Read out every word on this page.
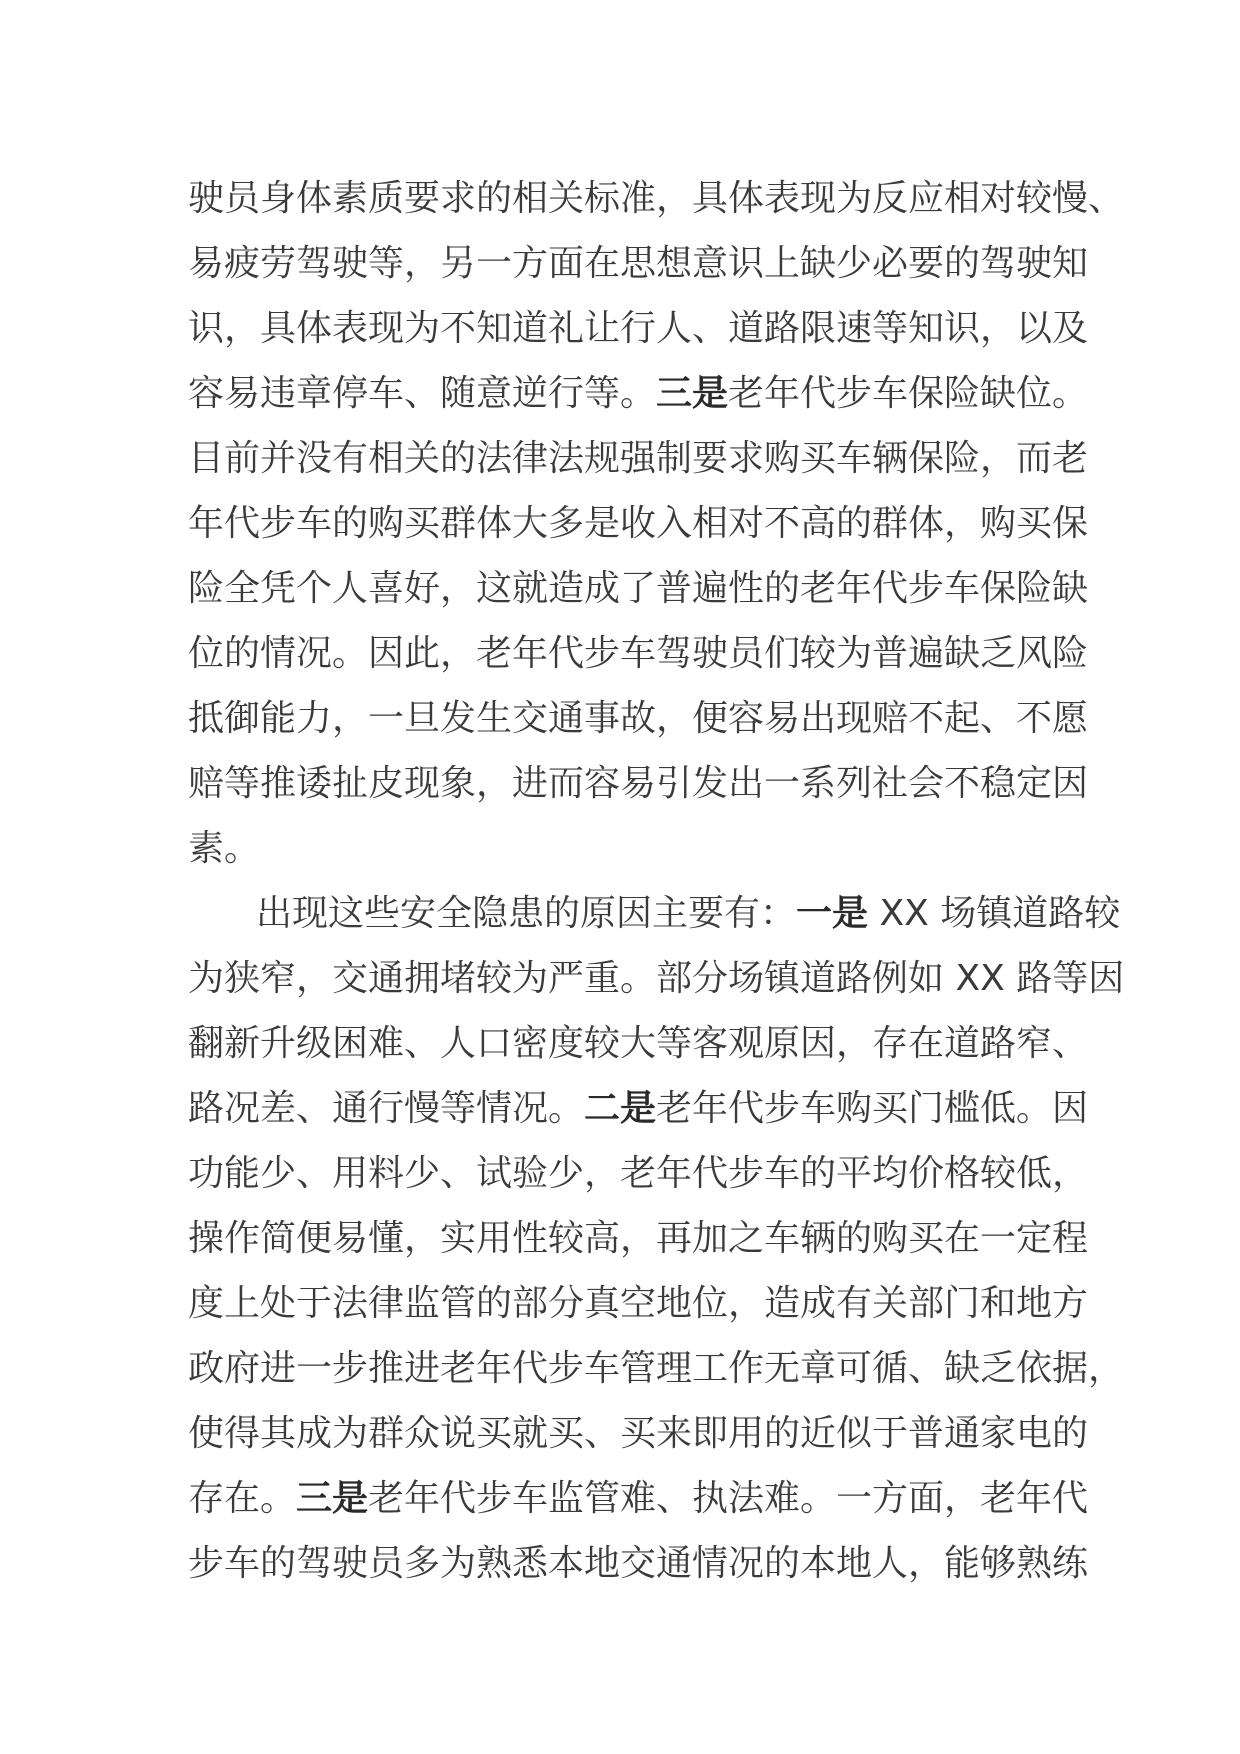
驶员身体素质要求的相关标准，具体表现为反应相对较慢、
易疲劳驾驶等，另一方面在思想意识上缺少必要的驾驶知
识，具体表现为不知道礼让行人、道路限速等知识，以及
容易违章停车、随意逆行等。三是老年代步车保险缺位。
目前并没有相关的法律法规强制要求购买车辆保险，而老
年代步车的购买群体大多是收入相对不高的群体，购买保
险全凭个人喜好，这就造成了普遍性的老年代步车保险缺
位的情况。因此，老年代步车驾驶员们较为普遍缺乏风险
抵御能力，一旦发生交通事故，便容易出现赔不起、不愿
赔等推诿扯皮现象，进而容易引发出一系列社会不稳定因
素。
出现这些安全隐患的原因主要有：一是 XX 场镇道路较
为狭窄，交通拥堵较为严重。部分场镇道路例如 XX 路等因
翻新升级困难、人口密度较大等客观原因，存在道路窄、
路况差、通行慢等情况。二是老年代步车购买门槛低。因
功能少、用料少、试验少，老年代步车的平均价格较低，
操作简便易懂，实用性较高，再加之车辆的购买在一定程
度上处于法律监管的部分真空地位，造成有关部门和地方
政府进一步推进老年代步车管理工作无章可循、缺乏依据，
使得其成为群众说买就买、买来即用的近似于普通家电的
存在。三是老年代步车监管难、执法难。一方面，老年代
步车的驾驶员多为熟悉本地交通情况的本地人，能够熟练
